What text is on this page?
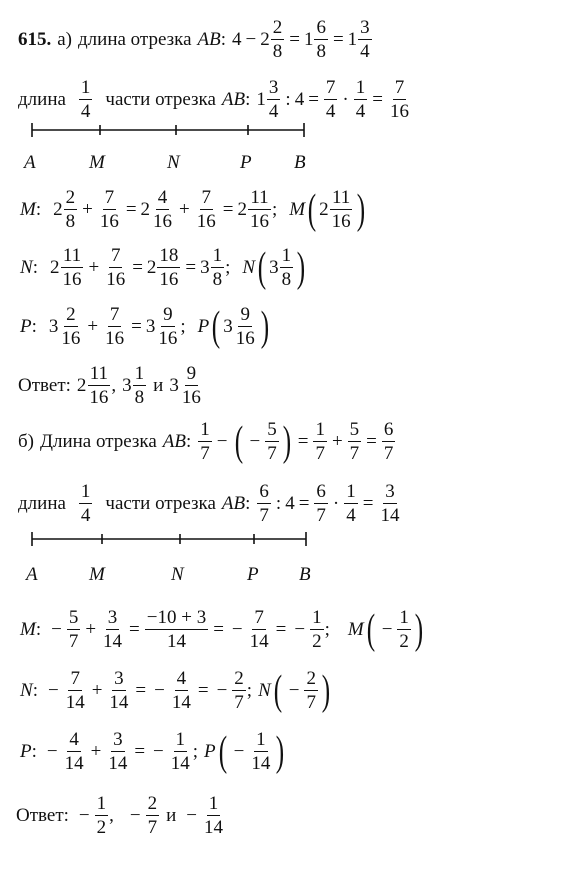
615. а) длина отрезка AB : $4 - 2 \frac{2}{8} = 1 \frac{6}{8} = 1 \frac{3}{4}$
длина $\frac{1}{4}$ части отрезка AB : $1 \frac{3}{4}$ : $4 = \frac{7}{4} \cdot \frac{1}{4} = \frac{7}{16}$
A	M	N	P B
M : $2 \frac{2}{8} + \frac{7}{16} = 2 \frac{4}{16} + \frac{7}{16} = 2 \frac{11}{16}$ ; M ( $2 \frac{11}{16}$ )
N : $2 \frac{11}{16} + \frac{7}{16} = 2 \frac{18}{16} = 3 \frac{1}{8}$ ; N ( $3 \frac{1}{8}$ )
P : $3 \frac{2}{16} + \frac{7}{16} = 3 \frac{9}{16}$ ; P ( $3 \frac{9}{16}$ )
Ответ: $2 \frac{11}{16}$ , $3 \frac{1}{8}$ и $3 \frac{9}{16}$
б) Длина отрезка AB : $\frac{1}{7}$ − ( − $\frac{5}{7}$ ) = $\frac{1}{7} + \frac{5}{7} = \frac{6}{7}$
длина $\frac{1}{4}$ части отрезка AB : $\frac{6}{7}$ : $4 = \frac{6}{7} \cdot \frac{1}{4} = \frac{3}{14}$
A	M	N	P B
M : − $\frac{5}{7} + \frac{3}{14} = \frac{-10 + 3}{14}$ = − $\frac{7}{14}$ = − $\frac{1}{2}$ ; M ( − $\frac{1}{2}$ )
N : − $\frac{7}{14} + \frac{3}{14}$ = − $\frac{4}{14}$ = − $\frac{2}{7}$ ; N ( − $\frac{2}{7}$ )
P : − $\frac{4}{14} + \frac{3}{14}$ = − $\frac{1}{14}$ ; P ( − $\frac{1}{14}$ )
Ответ: − $\frac{1}{2}$ , − $\frac{2}{7}$ $и - \frac{1}{14}$
